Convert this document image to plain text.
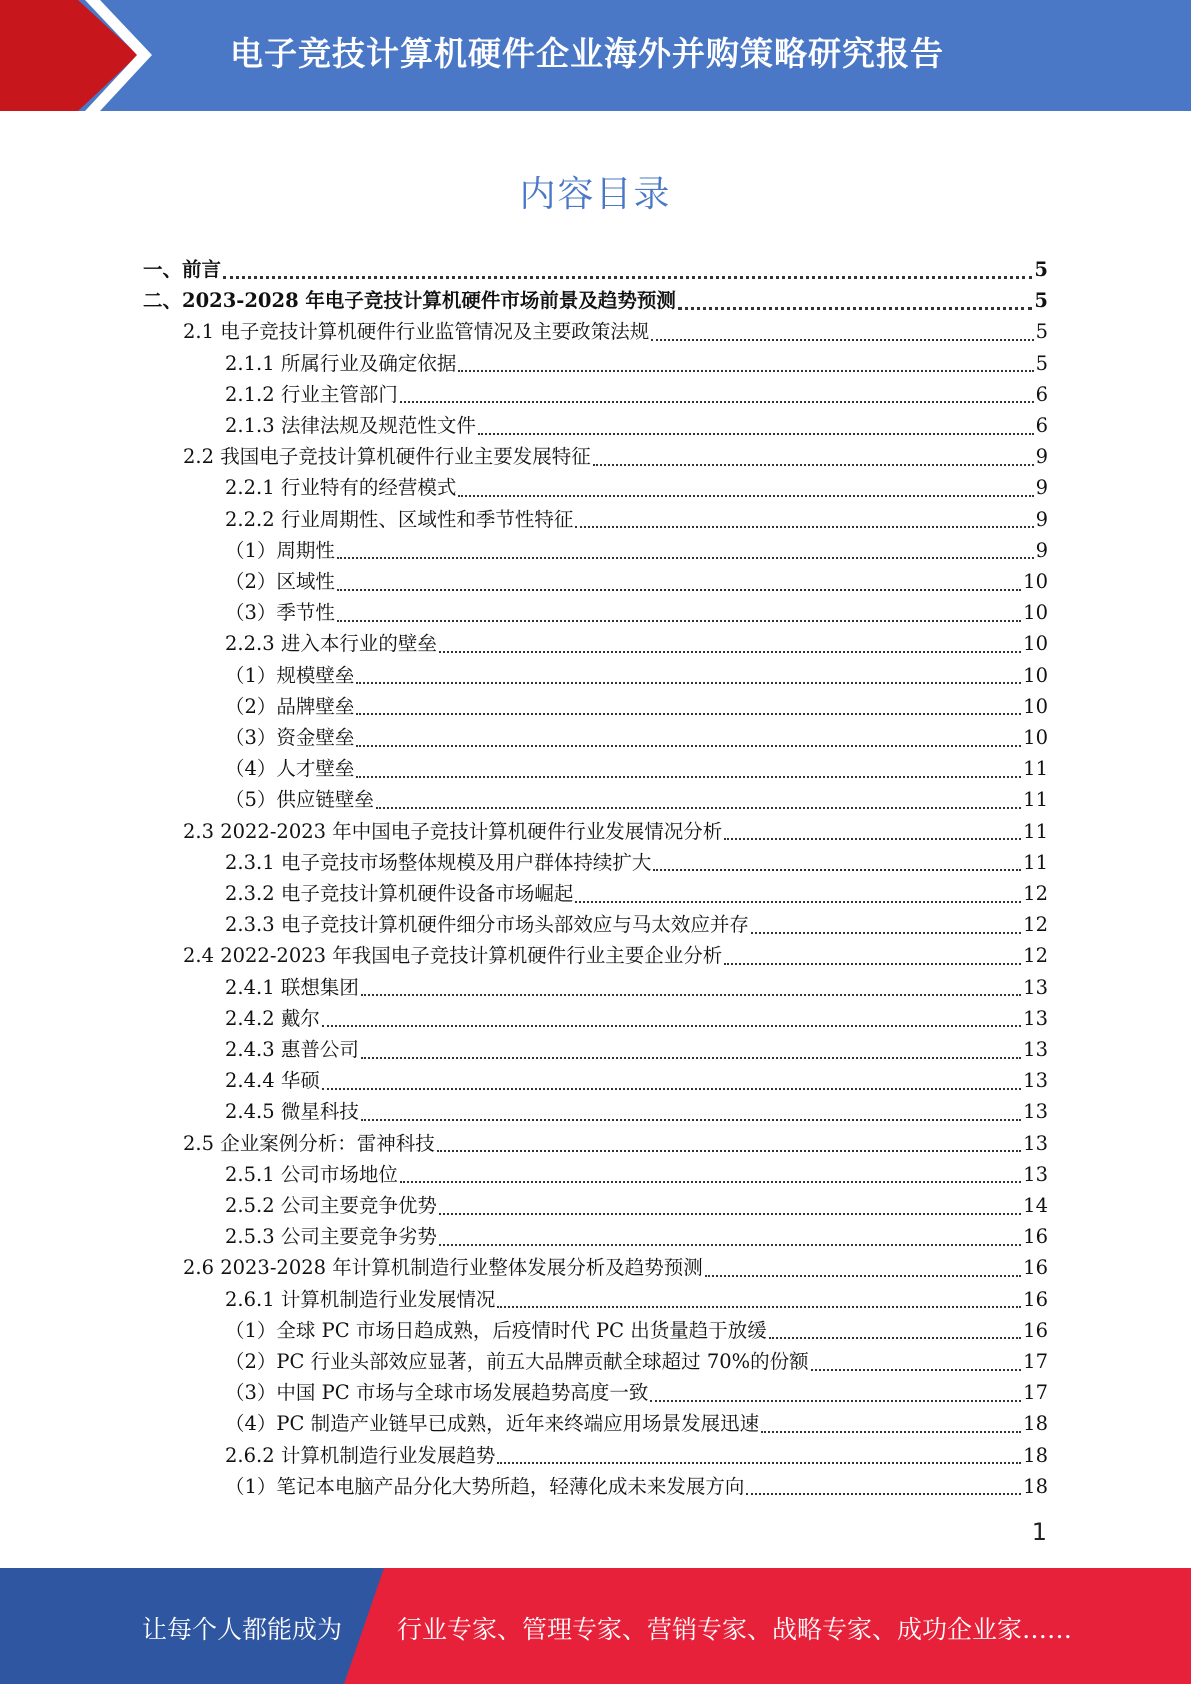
电子竞技计算机硬件企业海外并购策略研究报告
内容目录
一、前言	5
二、2023-2028 年电子竞技计算机硬件市场前景及趋势预测	5
2.1 电子竞技计算机硬件行业监管情况及主要政策法规	5
2.1.1 所属行业及确定依据	5
2.1.2 行业主管部门	6
2.1.3 法律法规及规范性文件	6
2.2 我国电子竞技计算机硬件行业主要发展特征	9
2.2.1 行业特有的经营模式	9
2.2.2 行业周期性、区域性和季节性特征	9
（1）周期性	9
（2）区域性	10
（3）季节性	10
2.2.3 进入本行业的壁垒	10
（1）规模壁垒	10
（2）品牌壁垒	10
（3）资金壁垒	10
（4）人才壁垒	11
（5）供应链壁垒	11
2.3 2022-2023 年中国电子竞技计算机硬件行业发展情况分析	11
2.3.1 电子竞技市场整体规模及用户群体持续扩大	11
2.3.2 电子竞技计算机硬件设备市场崛起	12
2.3.3 电子竞技计算机硬件细分市场头部效应与马太效应并存	12
2.4 2022-2023 年我国电子竞技计算机硬件行业主要企业分析	12
2.4.1 联想集团	13
2.4.2 戴尔	13
2.4.3 惠普公司	13
2.4.4 华硕	13
2.4.5 微星科技	13
2.5 企业案例分析：雷神科技	13
2.5.1 公司市场地位	13
2.5.2 公司主要竞争优势	14
2.5.3 公司主要竞争劣势	16
2.6 2023-2028 年计算机制造行业整体发展分析及趋势预测	16
2.6.1 计算机制造行业发展情况	16
（1）全球 PC 市场日趋成熟，后疫情时代 PC 出货量趋于放缓	16
（2）PC 行业头部效应显著，前五大品牌贡献全球超过 70%的份额	17
（3）中国 PC 市场与全球市场发展趋势高度一致	17
（4）PC 制造产业链早已成熟，近年来终端应用场景发展迅速	18
2.6.2 计算机制造行业发展趋势	18
（1）笔记本电脑产品分化大势所趋，轻薄化成未来发展方向	18
1
让每个人都能成为 行业专家、管理专家、营销专家、战略专家、成功企业家……
